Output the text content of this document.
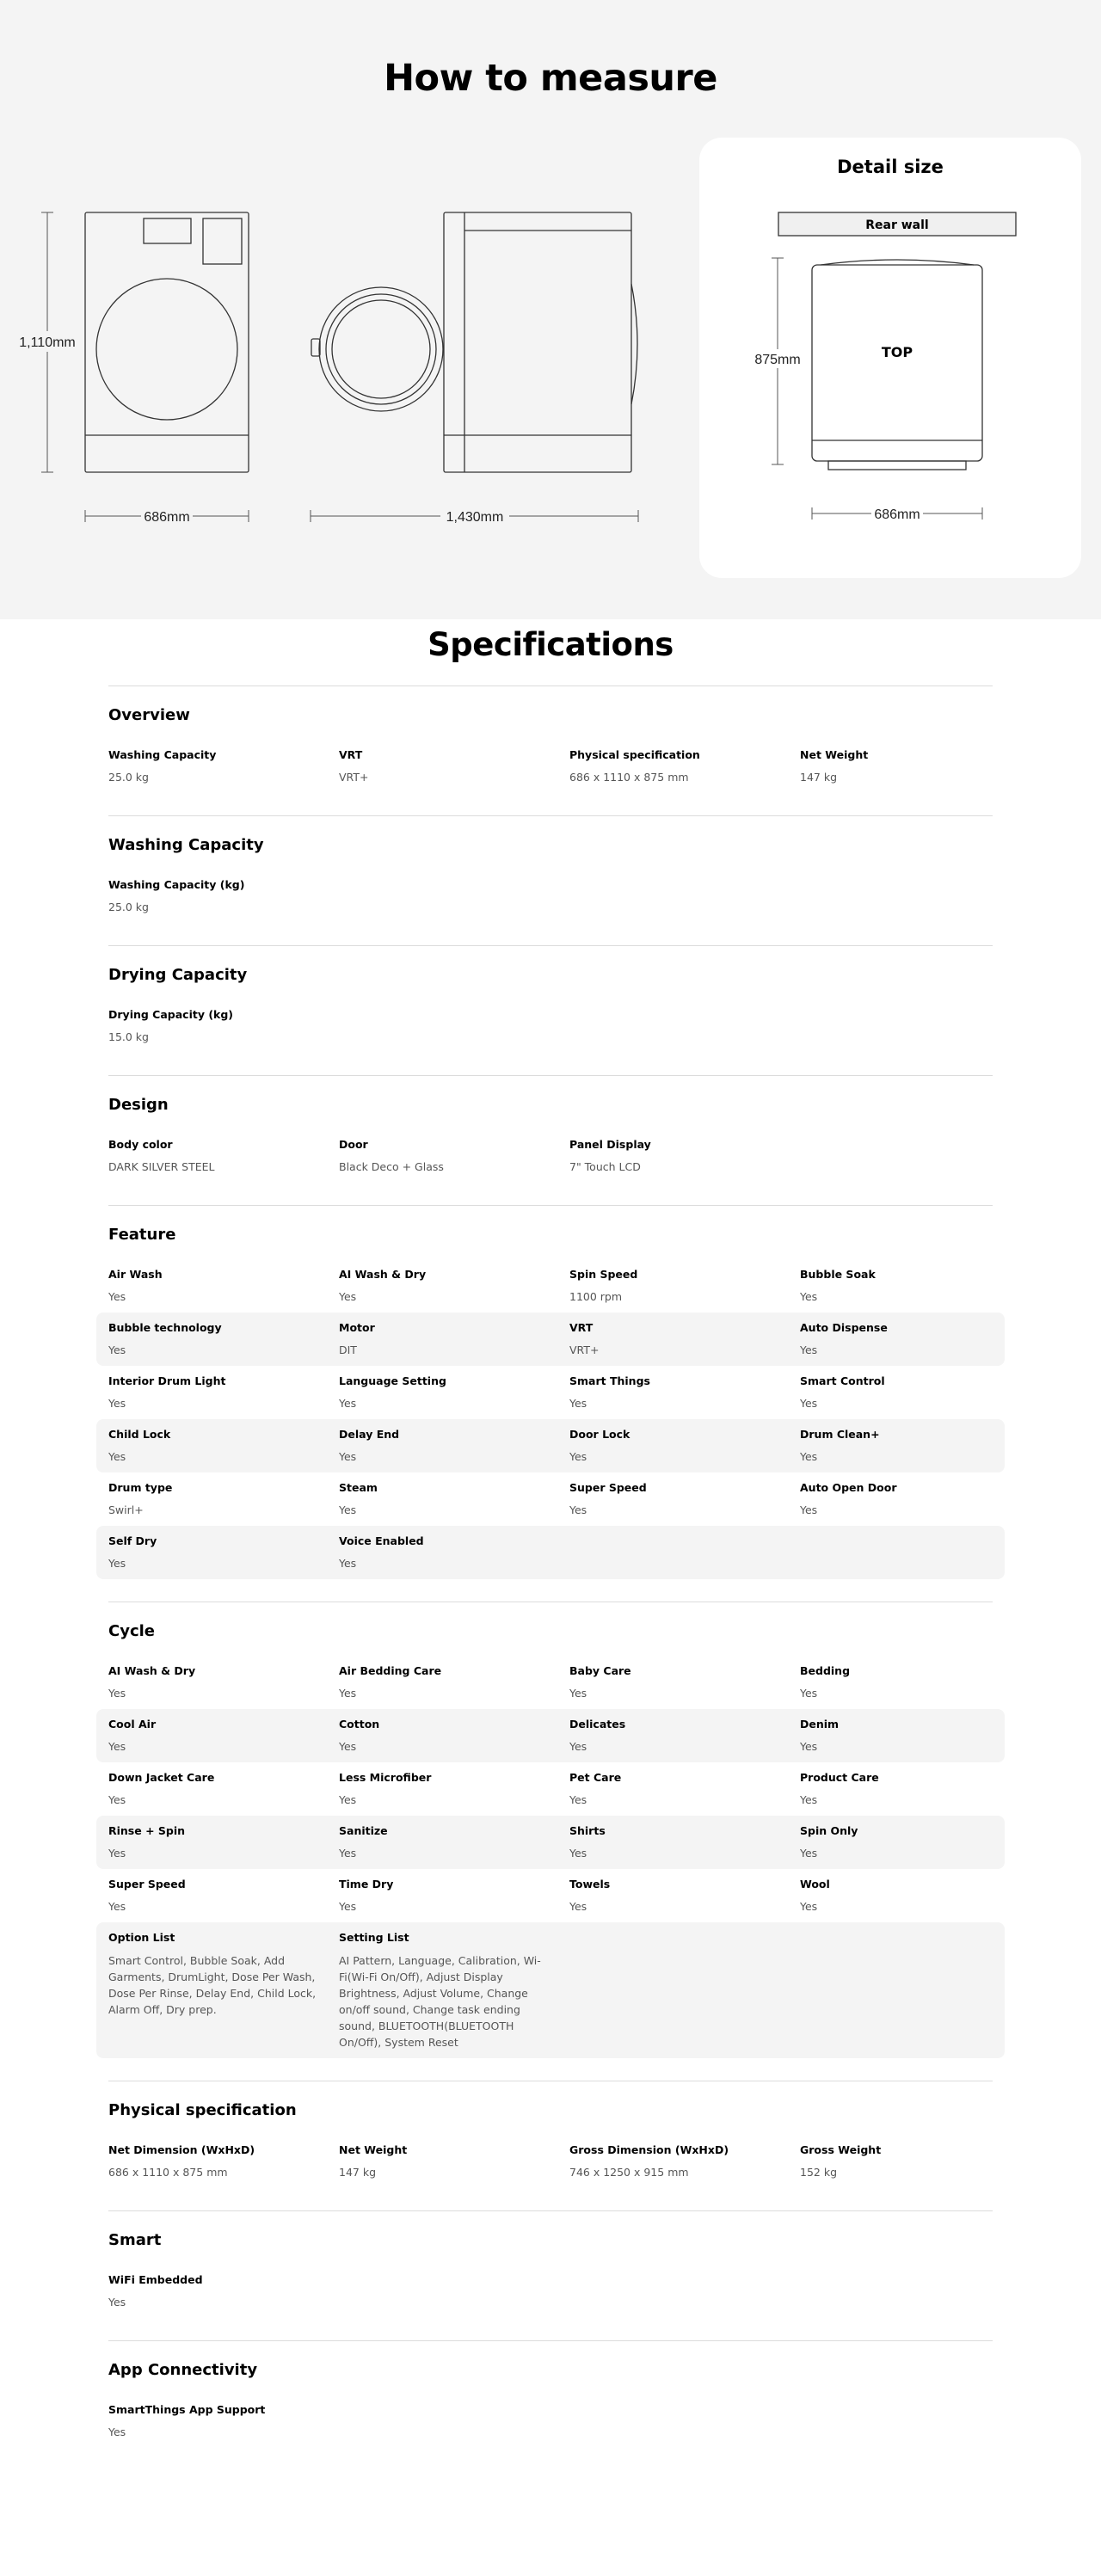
How to measure
1,110mm
686mm	1,430mm
Detail size
Rear wall
TOP
875mm
686mm
Specifications
Overview
Washing Capacity
25.0 kg
VRT
VRT+
Physical specification
686 x 1110 x 875 mm
Net Weight
147 kg
Washing Capacity
Washing Capacity (kg)
25.0 kg
Drying Capacity
Drying Capacity (kg)
15.0 kg
Design
Body color
DARK SILVER STEEL
Door
Black Deco + Glass
Panel Display
7" Touch LCD
Feature
Air Wash
Yes
AI Wash & Dry
Yes
Spin Speed
1100 rpm
Bubble Soak
Yes
Bubble technology
Yes
Motor
DIT
VRT
VRT+
Auto Dispense
Yes
Interior Drum Light
Yes
Language Setting
Yes
Smart Things
Yes
Smart Control
Yes
Child Lock
Yes
Delay End
Yes
Door Lock
Yes
Drum Clean+
Yes
Drum type
Swirl+
Steam
Yes
Super Speed
Yes
Auto Open Door
Yes
Self Dry
Yes
Voice Enabled
Yes
Cycle
AI Wash & Dry
Yes
Air Bedding Care
Yes
Baby Care
Yes
Bedding
Yes
Cool Air
Yes
Cotton
Yes
Delicates
Yes
Denim
Yes
Down Jacket Care
Yes
Less Microfiber
Yes
Pet Care
Yes
Product Care
Yes
Rinse + Spin
Yes
Sanitize
Yes
Shirts
Yes
Spin Only
Yes
Super Speed
Yes
Time Dry
Yes
Towels
Yes
Wool
Yes
Option List
Smart Control, Bubble Soak, Add Garments, DrumLight, Dose Per Wash, Dose Per Rinse, Delay End, Child Lock, Alarm Off, Dry prep.
Setting List
AI Pattern, Language, Calibration, Wi-Fi(Wi-Fi On/Off), Adjust Display Brightness, Adjust Volume, Change on/off sound, Change task ending sound, BLUETOOTH(BLUETOOTH On/Off), System Reset
Physical specification
Net Dimension (WxHxD)
686 x 1110 x 875 mm
Net Weight
147 kg
Gross Dimension (WxHxD)
746 x 1250 x 915 mm
Gross Weight
152 kg
Smart
WiFi Embedded
Yes
App Connectivity
SmartThings App Support
Yes
